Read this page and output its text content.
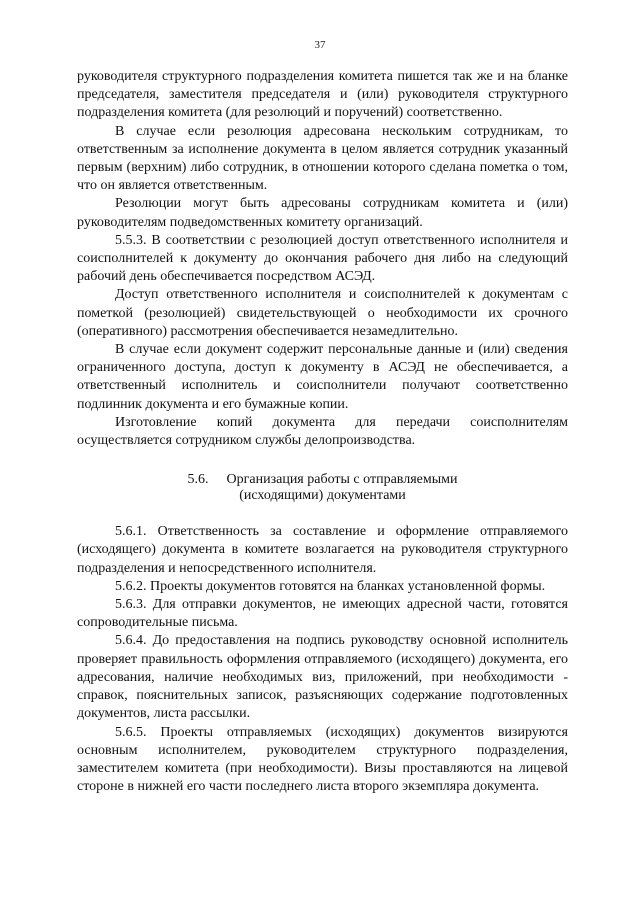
37

руководителя структурного подразделения комитета пишется так же и на бланке председателя, заместителя председателя и (или) руководителя структурного подразделения комитета (для резолюций и поручений) соответственно.

В случае если резолюция адресована нескольким сотрудникам, то ответственным за исполнение документа в целом является сотрудник указанный первым (верхним) либо сотрудник, в отношении которого сделана пометка о том, что он является ответственным.

Резолюции могут быть адресованы сотрудникам комитета и (или) руководителям подведомственных комитету организаций.

5.5.3. В соответствии с резолюцией доступ ответственного исполнителя и соисполнителей к документу до окончания рабочего дня либо на следующий рабочий день обеспечивается посредством АСЭД.

Доступ ответственного исполнителя и соисполнителей к документам с пометкой (резолюцией) свидетельствующей о необходимости их срочного (оперативного) рассмотрения обеспечивается незамедлительно.

В случае если документ содержит персональные данные и (или) сведения ограниченного доступа, доступ к документу в АСЭД не обеспечивается, а ответственный исполнитель и соисполнители получают соответственно подлинник документа и его бумажные копии.

Изготовление копий документа для передачи соисполнителям осуществляется сотрудником службы делопроизводства.

5.6. Организация работы с отправляемыми
(исходящими) документами

5.6.1. Ответственность за составление и оформление отправляемого (исходящего) документа в комитете возлагается на руководителя структурного подразделения и непосредственного исполнителя.

5.6.2. Проекты документов готовятся на бланках установленной формы.

5.6.3. Для отправки документов, не имеющих адресной части, готовятся сопроводительные письма.

5.6.4. До предоставления на подпись руководству основной исполнитель проверяет правильность оформления отправляемого (исходящего) документа, его адресования, наличие необходимых виз, приложений, при необходимости - справок, пояснительных записок, разъясняющих содержание подготовленных документов, листа рассылки.

5.6.5. Проекты отправляемых (исходящих) документов визируются основным исполнителем, руководителем структурного подразделения, заместителем комитета (при необходимости). Визы проставляются на лицевой стороне в нижней его части последнего листа второго экземпляра документа.
